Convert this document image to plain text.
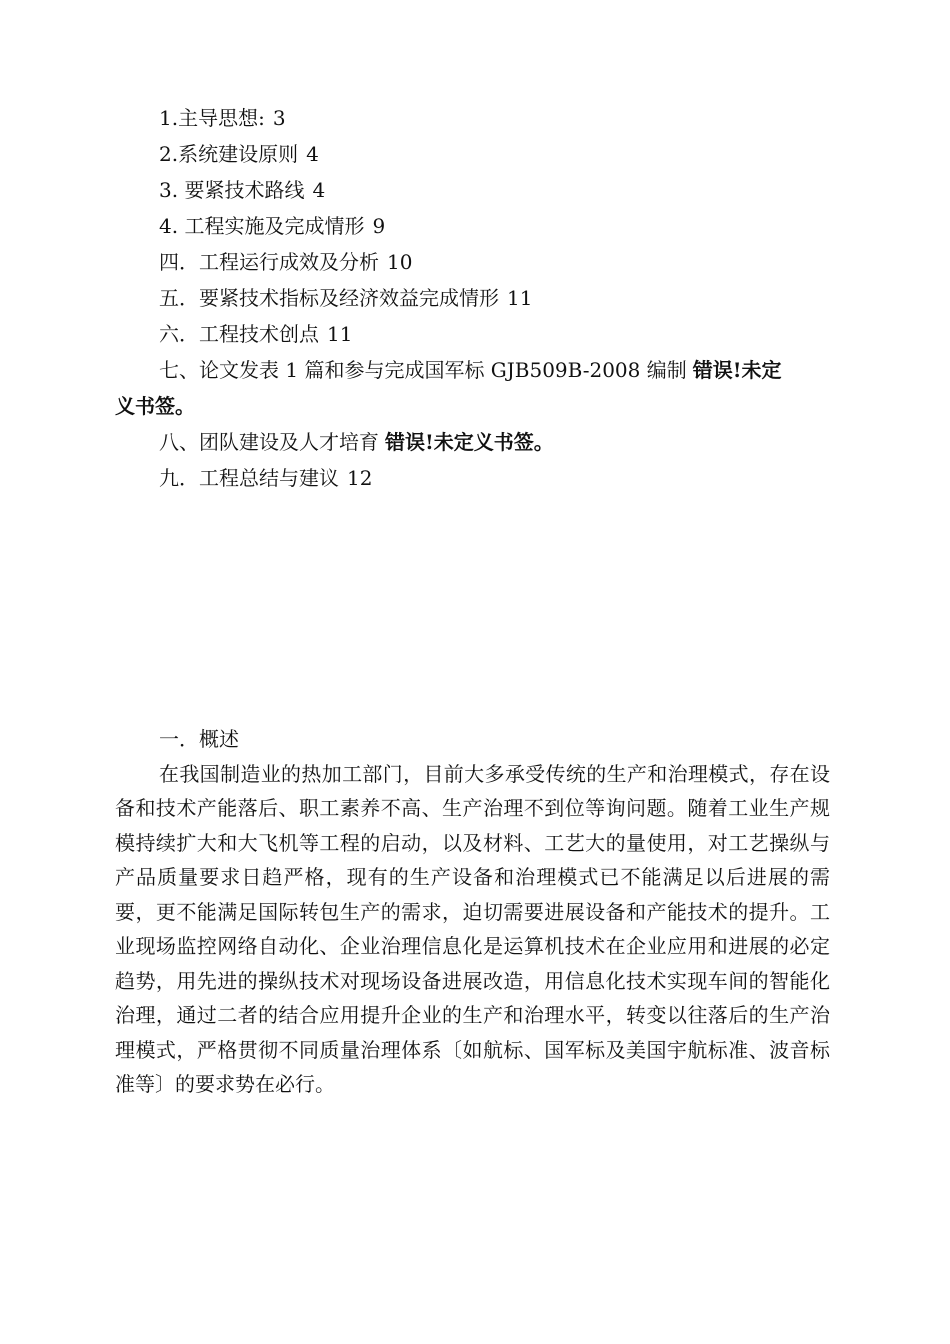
1.主导思想: 3

2.系统建设原则 4

3. 要紧技术路线 4

4. 工程实施及完成情形 9

四．工程运行成效及分析 10

五．要紧技术指标及经济效益完成情形 11

六．工程技术创点 11

七、论文发表 1 篇和参与完成国军标 GJB509B-2008 编制 错误!未定
义书签。

八、团队建设及人才培育 错误!未定义书签。

九．工程总结与建议 12

一．概述

在我国制造业的热加工部门，目前大多承受传统的生产和治理模式，存在设备和技术产能落后、职工素养不高、生产治理不到位等询问题。随着工业生产规模持续扩大和大飞机等工程的启动，以及材料、工艺大的量使用，对工艺操纵与产品质量要求日趋严格，现有的生产设备和治理模式已不能满足以后进展的需要，更不能满足国际转包生产的需求，迫切需要进展设备和产能技术的提升。工业现场监控网络自动化、企业治理信息化是运算机技术在企业应用和进展的必定趋势，用先进的操纵技术对现场设备进展改造，用信息化技术实现车间的智能化治理，通过二者的结合应用提升企业的生产和治理水平，转变以往落后的生产治理模式，严格贯彻不同质量治理体系〔如航标、国军标及美国宇航标准、波音标准等〕的要求势在必行。
